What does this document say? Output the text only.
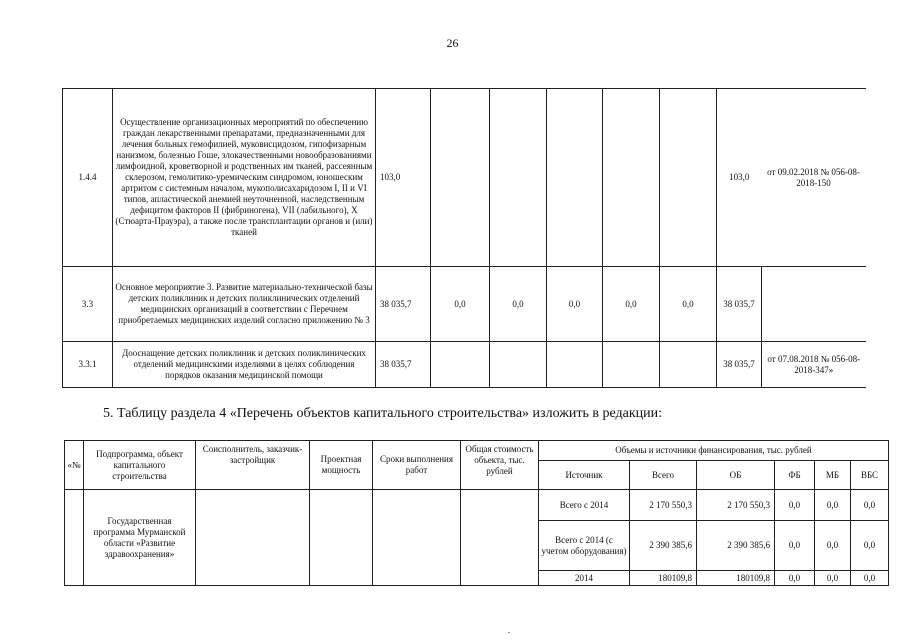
26
1.4.4	Осуществление организационных мероприятий по обеспечению граждан лекарственными препаратами, предназначенными для лечения больных гемофилией, муковисцидозом, гипофизарным нанизмом, болезнью Гоше, злокачественными новообразованиями лимфоидной, кроветворной и родственных им тканей, рассеянным склерозом, гемолитико-уремическим синдромом, юношеским артритом с системным началом, мукополисахаридозом I, II и VI типов, апластической анемией неуточненной, наследственным дефицитом факторов II (фибриногена), VII (лабильного), X (Стюарта-Прауэра), а также после трансплантации органов и (или) тканей	103,0						103,0	от 09.02.2018 № 056-08-2018-150
3.3	Основное мероприятие 3. Развитие материально-технической базы детских поликлиник и детских поликлинических отделений медицинских организаций в соответствии с Перечнем приобретаемых медицинских изделий согласно приложению № 3	38 035,7	0,0	0,0	0,0	0,0	0,0	38 035,7	
3.3.1	Дооснащение детских поликлиник и детских поликлинических отделений медицинскими изделиями в целях соблюдения порядков оказания медицинской помощи	38 035,7						38 035,7	от 07.08.2018 № 056-08-2018-347»
5. Таблицу раздела 4 «Перечень объектов капитального строительства» изложить в редакции:
«№	Подпрограмма, объект капитального строительства	Соисполнитель, заказчик-застройщик	Проектная мощность	Сроки выполнения работ	Общая стоимость объекта, тыс. рублей	Объемы и источники финансирования, тыс. рублей					
						Источник	Всего	ОБ	ФБ	МБ	ВБС
	Государственная программа Мурманской области «Развитие здравоохранения»					Всего с 2014	2 170 550,3	2 170 550,3	0,0	0,0	0,0
						Всего с 2014 (с учетом оборудования)	2 390 385,6	2 390 385,6	0,0	0,0	0,0
						2014	180109,8	180109,8	0,0	0,0	0,0
